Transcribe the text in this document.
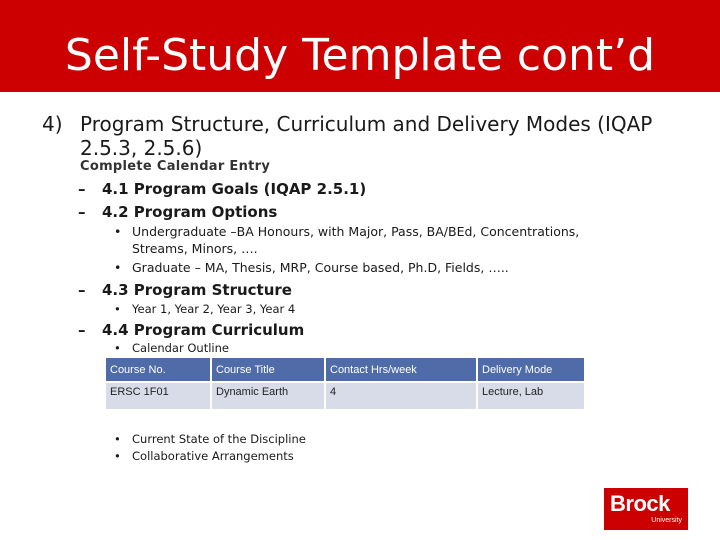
Self-Study Template cont’d
4) Program Structure, Curriculum and Delivery Modes (IQAP
2.5.3, 2.5.6)
Complete Calendar Entry
– 4.1 Program Goals (IQAP 2.5.1)
– 4.2 Program Options
• Undergraduate –BA Honours, with Major, Pass, BA/BEd, Concentrations,
Streams, Minors, ….
• Graduate – MA, Thesis, MRP, Course based, Ph.D, Fields, …..
– 4.3 Program Structure
• Year 1, Year 2, Year 3, Year 4
– 4.4 Program Curriculum
• Calendar Outline
Course No.	Course Title	Contact Hrs/week	Delivery Mode
ERSC 1F01	Dynamic Earth	4	Lecture, Lab
• Current State of the Discipline
• Collaborative Arrangements
Brock
University
